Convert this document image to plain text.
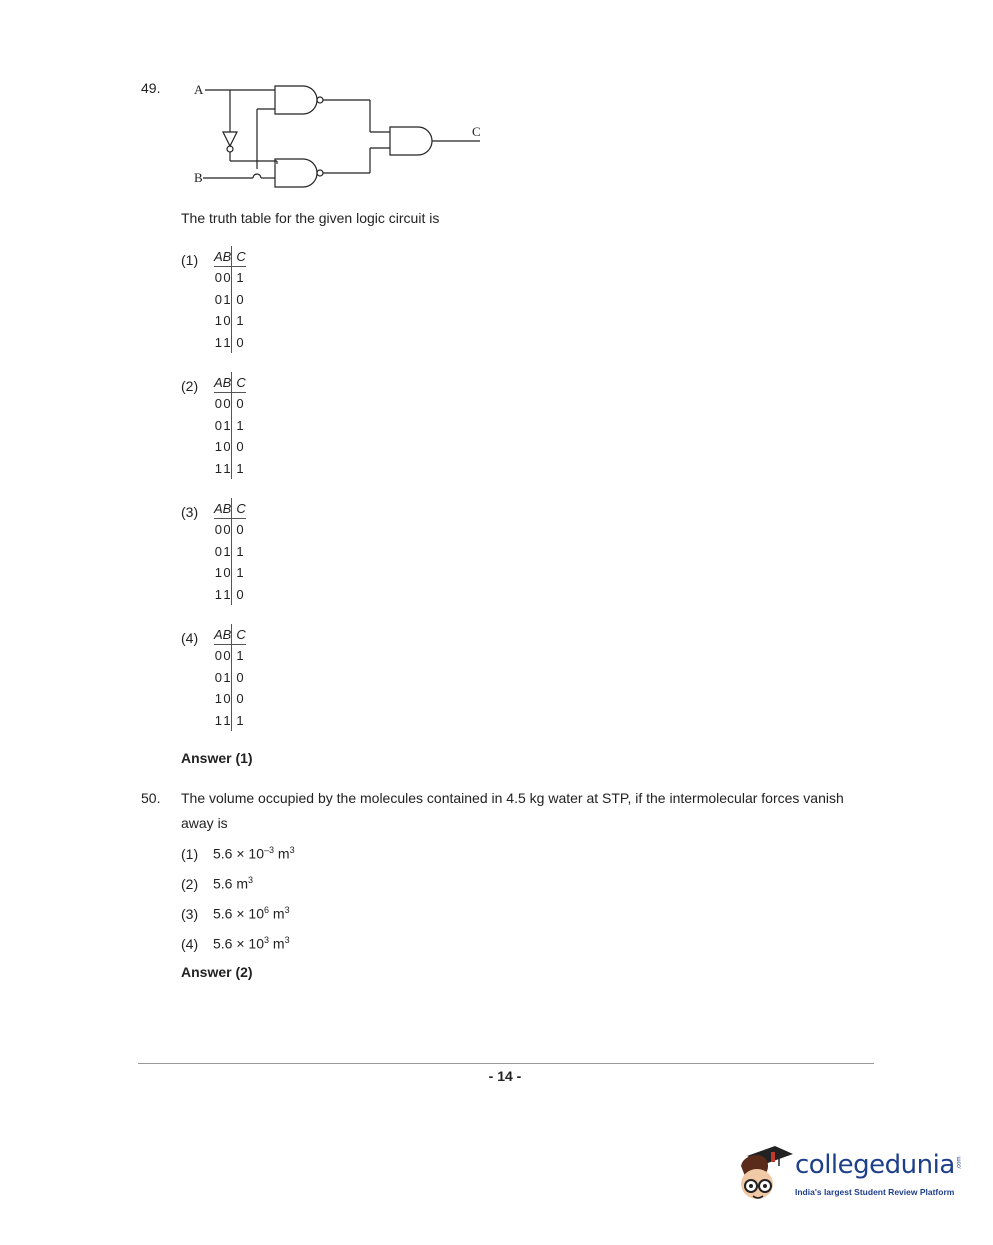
49.	A
B
C
The truth table for the given logic circuit is
(1) A	B	C
0	0	1
0	1	0
1	0	1
1	1	0
(2) A	B	C
0	0	0
0	1	1
1	0	0
1	1	1
(3) A	B	C
0	0	0
0	1	1
1	0	1
1	1	0
(4) A	B	C
0	0	1
0	1	0
1	0	0
1	1	1
Answer (1)
50. The volume occupied by the molecules contained in 4.5 kg water at STP, if the intermolecular forces vanish
away is
(1) $5.6 \times 10^{-3}$ $m^3$
(2) 5.6 $m^3$
(3) $5.6 \times 10^6$ $m^3$
(4) $5.6 \times 10^3$ $m^3$
Answer (2)
- 14 -
collegedunia .com
India's largest Student Review Platform
